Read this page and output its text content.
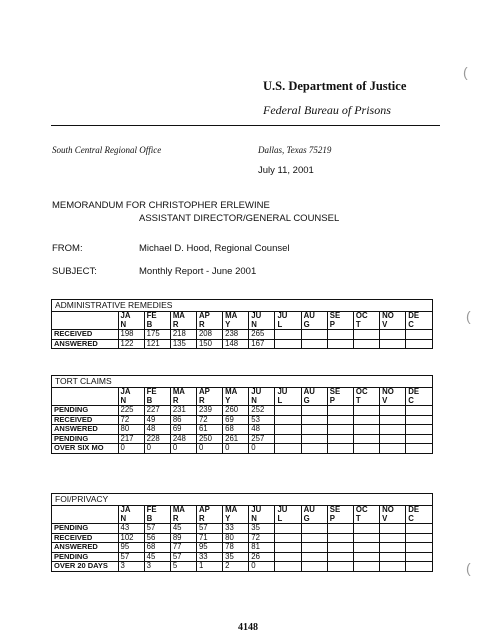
U.S. Department of Justice
Federal Bureau of Prisons
South Central Regional Office	Dallas, Texas 75219
July 11, 2001
MEMORANDUM FOR CHRISTOPHER ERLEWINE
ASSISTANT DIRECTOR/GENERAL COUNSEL
FROM:	Michael D. Hood, Regional Counsel
SUBJECT:	Monthly Report - June 2001
ADMINISTRATIVE REMEDIES
	JA	FE	MA	AP	MA	JU	JU	AU	SE	OC	NO	DE
	N	B	R	R	Y	N	L	G	P	T	V	C
RECEIVED	198	175	218	208	238	265						
ANSWERED	122	121	135	150	148	167						
TORT CLAIMS
	JA	FE	MA	AP	MA	JU	JU	AU	SE	OC	NO	DE
	N	B	R	R	Y	N	L	G	P	T	V	C
PENDING	225	227	231	239	260	252						
RECEIVED	72	49	86	72	69	53						
ANSWERED	80	48	69	61	68	48						
PENDING	217	228	248	250	261	257						
OVER SIX MO	0	0	0	0	0	0						
FOI/PRIVACY
	JA	FE	MA	AP	MA	JU	JU	AU	SE	OC	NO	DE
	N	B	R	R	Y	N	L	G	P	T	V	C
PENDING	43	57	45	57	33	35						
RECEIVED	102	56	89	71	80	72						
ANSWERED	95	68	77	95	78	81						
PENDING	57	45	57	33	35	26						
OVER 20 DAYS	3	3	5	1	2	0						
(
(
(
4148
